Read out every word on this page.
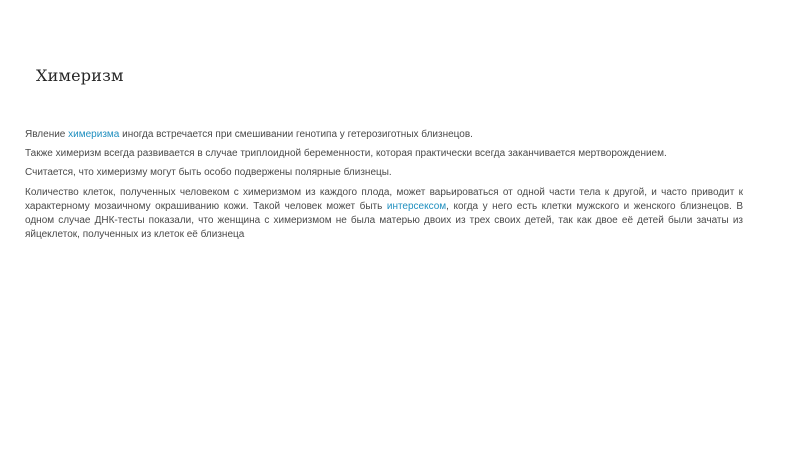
Химеризм

Явление химеризма иногда встречается при смешивании генотипа у гетерозиготных близнецов.

Также химеризм всегда развивается в случае триплоидной беременности, которая практически всегда заканчивается мертворождением.

Считается, что химеризму могут быть особо подвержены полярные близнецы.

Количество клеток, полученных человеком с химеризмом из каждого плода, может варьироваться от одной части тела к другой, и часто приводит к характерному мозаичному окрашиванию кожи. Такой человек может быть интерсексом, когда у него есть клетки мужского и женского близнецов. В одном случае ДНК-тесты показали, что женщина с химеризмом не была матерью двоих из трех своих детей, так как двое её детей были зачаты из яйцеклеток, полученных из клеток её близнеца
